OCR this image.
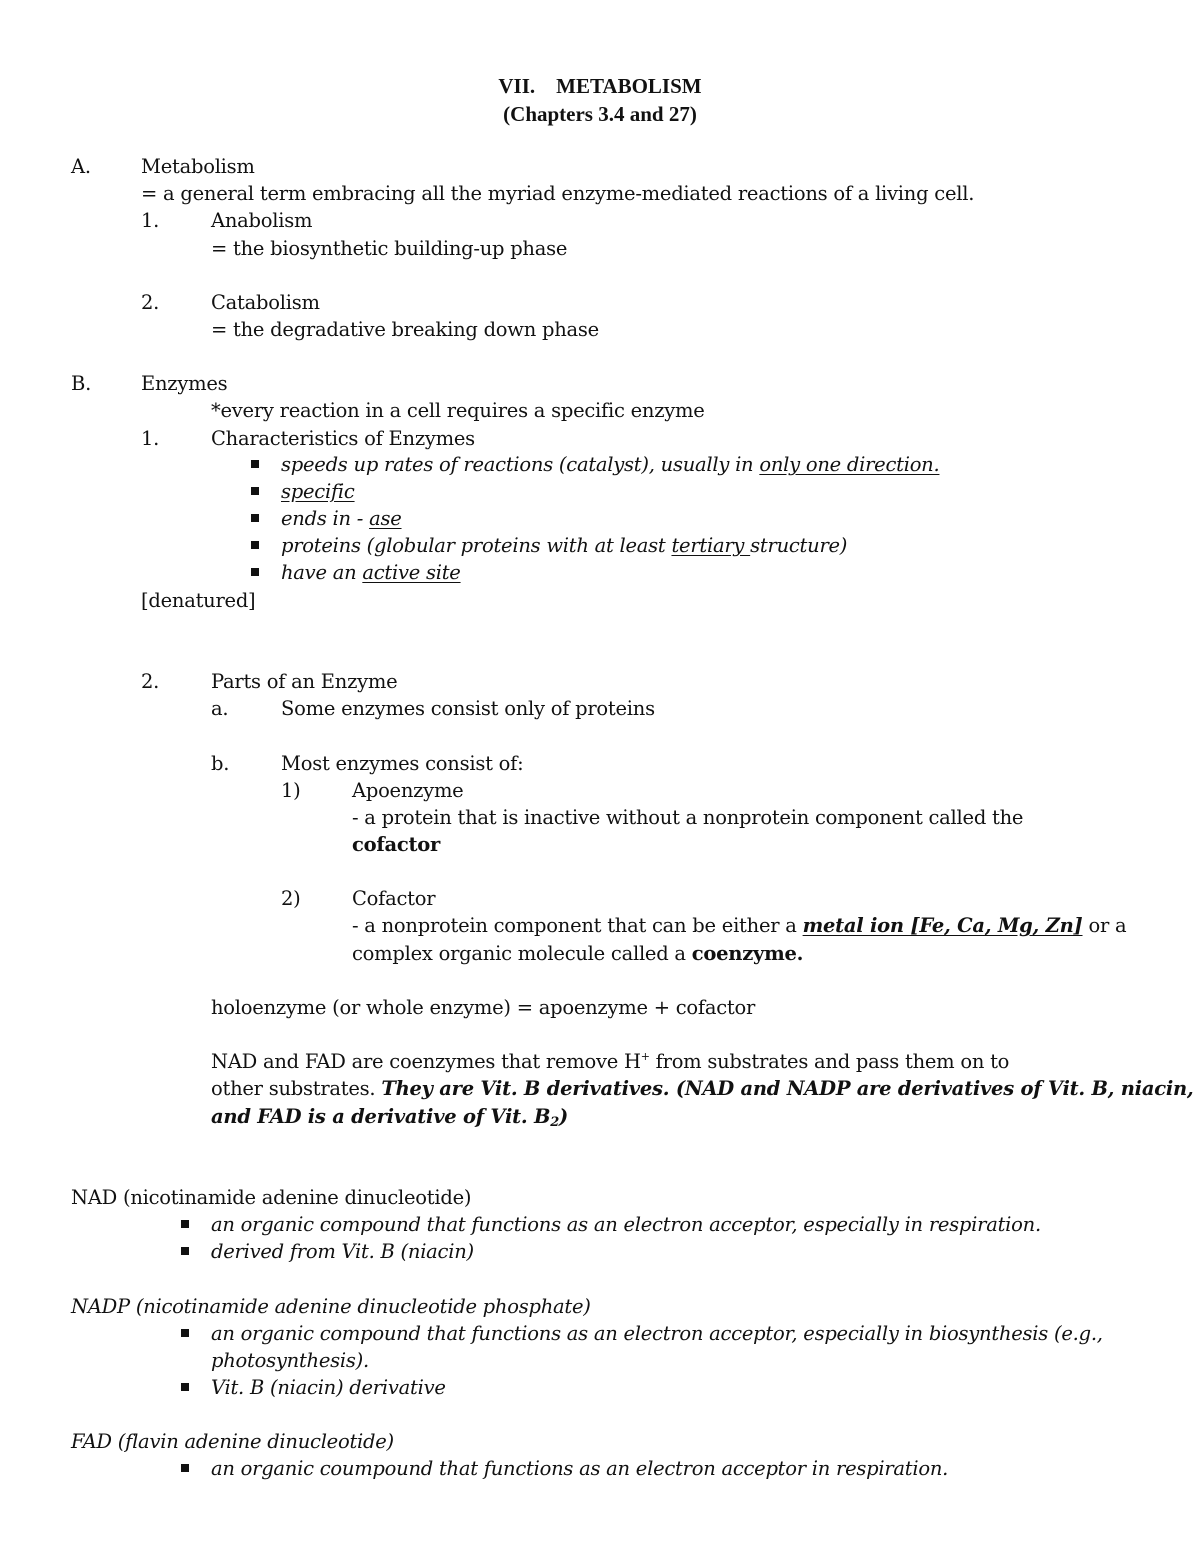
VII.    METABOLISM
(Chapters 3.4 and 27)
A.	Metabolism
= a general term embracing all the myriad enzyme-mediated reactions of a living cell.
1.	Anabolism
= the biosynthetic building-up phase
2.	Catabolism
= the degradative breaking down phase
B.	Enzymes
*every reaction in a cell requires a specific enzyme
1.	Characteristics of Enzymes
speeds up rates of reactions (catalyst), usually in only one direction.
specific
ends in - ase
proteins (globular proteins with at least tertiary structure)
have an active site
[denatured]
2.	Parts of an Enzyme
a.	Some enzymes consist only of proteins
b.	Most enzymes consist of:
1)	Apoenzyme
- a protein that is inactive without a nonprotein component called the
cofactor
2)	Cofactor
- a nonprotein component that can be either a metal ion [Fe, Ca, Mg, Zn] or a
complex organic molecule called a coenzyme.
holoenzyme (or whole enzyme) = apoenzyme + cofactor
NAD and FAD are coenzymes that remove H+ from substrates and pass them on to
other substrates. They are Vit. B derivatives. (NAD and NADP are derivatives of Vit. B, niacin,
and FAD is a derivative of Vit. $B_2$)
NAD (nicotinamide adenine dinucleotide)
an organic compound that functions as an electron acceptor, especially in respiration.
derived from Vit. B (niacin)
NADP (nicotinamide adenine dinucleotide phosphate)
an organic compound that functions as an electron acceptor, especially in biosynthesis (e.g.,
photosynthesis).
Vit. B (niacin) derivative
FAD (flavin adenine dinucleotide)
an organic coumpound that functions as an electron acceptor in respiration.
